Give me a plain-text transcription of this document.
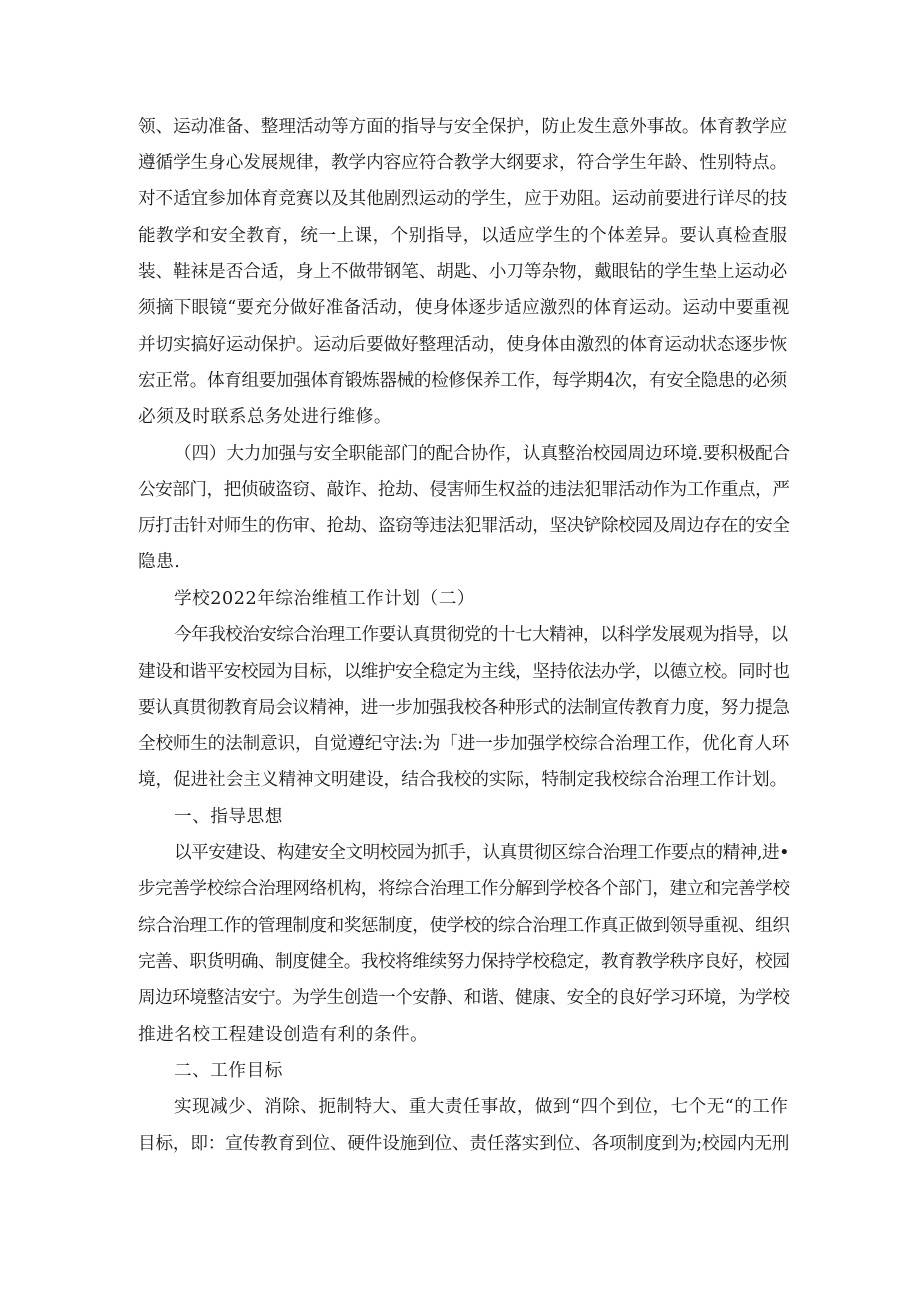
领、运动准备、整理活动等方面的指导与安全保护，防止发生意外事故。体育教学应
遵循学生身心发展规律，教学内容应符合教学大纲要求，符合学生年龄、性别特点。
对不适宜参加体育竞赛以及其他剧烈运动的学生，应于劝阻。运动前要进行详尽的技
能教学和安全教育，统一上课，个别指导，以适应学生的个体差异。要认真检查服
装、鞋袜是否合适，身上不做带钢笔、胡匙、小刀等杂物，戴眼钻的学生垫上运动必
须摘下眼镜“要充分做好准备活动，使身体逐步适应激烈的体育运动。运动中要重视
并切实搞好运动保护。运动后要做好整理活动，使身体由激烈的体育运动状态逐步恢
宏正常。体育组要加强体育锻炼器械的检修保养工作，每学期4次，有安全隐患的必须
必须及时联系总务处进行维修。
（四）大力加强与安全职能部门的配合协作，认真整治校园周边环境.要积极配合
公安部门，把侦破盗窃、敲诈、抢劫、侵害师生权益的违法犯罪活动作为工作重点，严
厉打击针对师生的伤审、抢劫、盗窃等违法犯罪活动，坚决铲除校园及周边存在的安全
隐患.
学校2022年综治维植工作计划（二）
今年我校治安综合治理工作要认真贯彻党的十七大精神，以科学发展观为指导，以
建设和谐平安校园为目标，以维护安全稳定为主线，坚持依法办学，以德立校。同时也
要认真贯彻教育局会议精神，进一步加强我校各种形式的法制宣传教育力度，努力提急
全校师生的法制意识，自觉遵纪守法:为「进一步加强学校综合治理工作，优化育人环
境，促进社会主义精神文明建设，结合我校的实际，特制定我校综合治理工作计划。
一、指导思想
以平安建设、构建安全文明校园为抓手，认真贯彻区综合治理工作要点的精神,进•
步完善学校综合治理网络机构，将综合治理工作分解到学校各个部门，建立和完善学校
综合治理工作的管理制度和奖惩制度，使学校的综合治理工作真正做到领导重视、组织
完善、职货明确、制度健全。我校将维续努力保持学校稳定，教育教学秩序良好，校园
周边环境整洁安宁。为学生创造一个安静、和谐、健康、安全的良好学习环境，为学校
推进名校工程建设创造有利的条件。
二、工作目标
实现减少、消除、扼制特大、重大责任事故，做到“四个到位，七个无“的工作
目标，即：宣传教育到位、硬件设施到位、责任落实到位、各项制度到为;校园内无刑
